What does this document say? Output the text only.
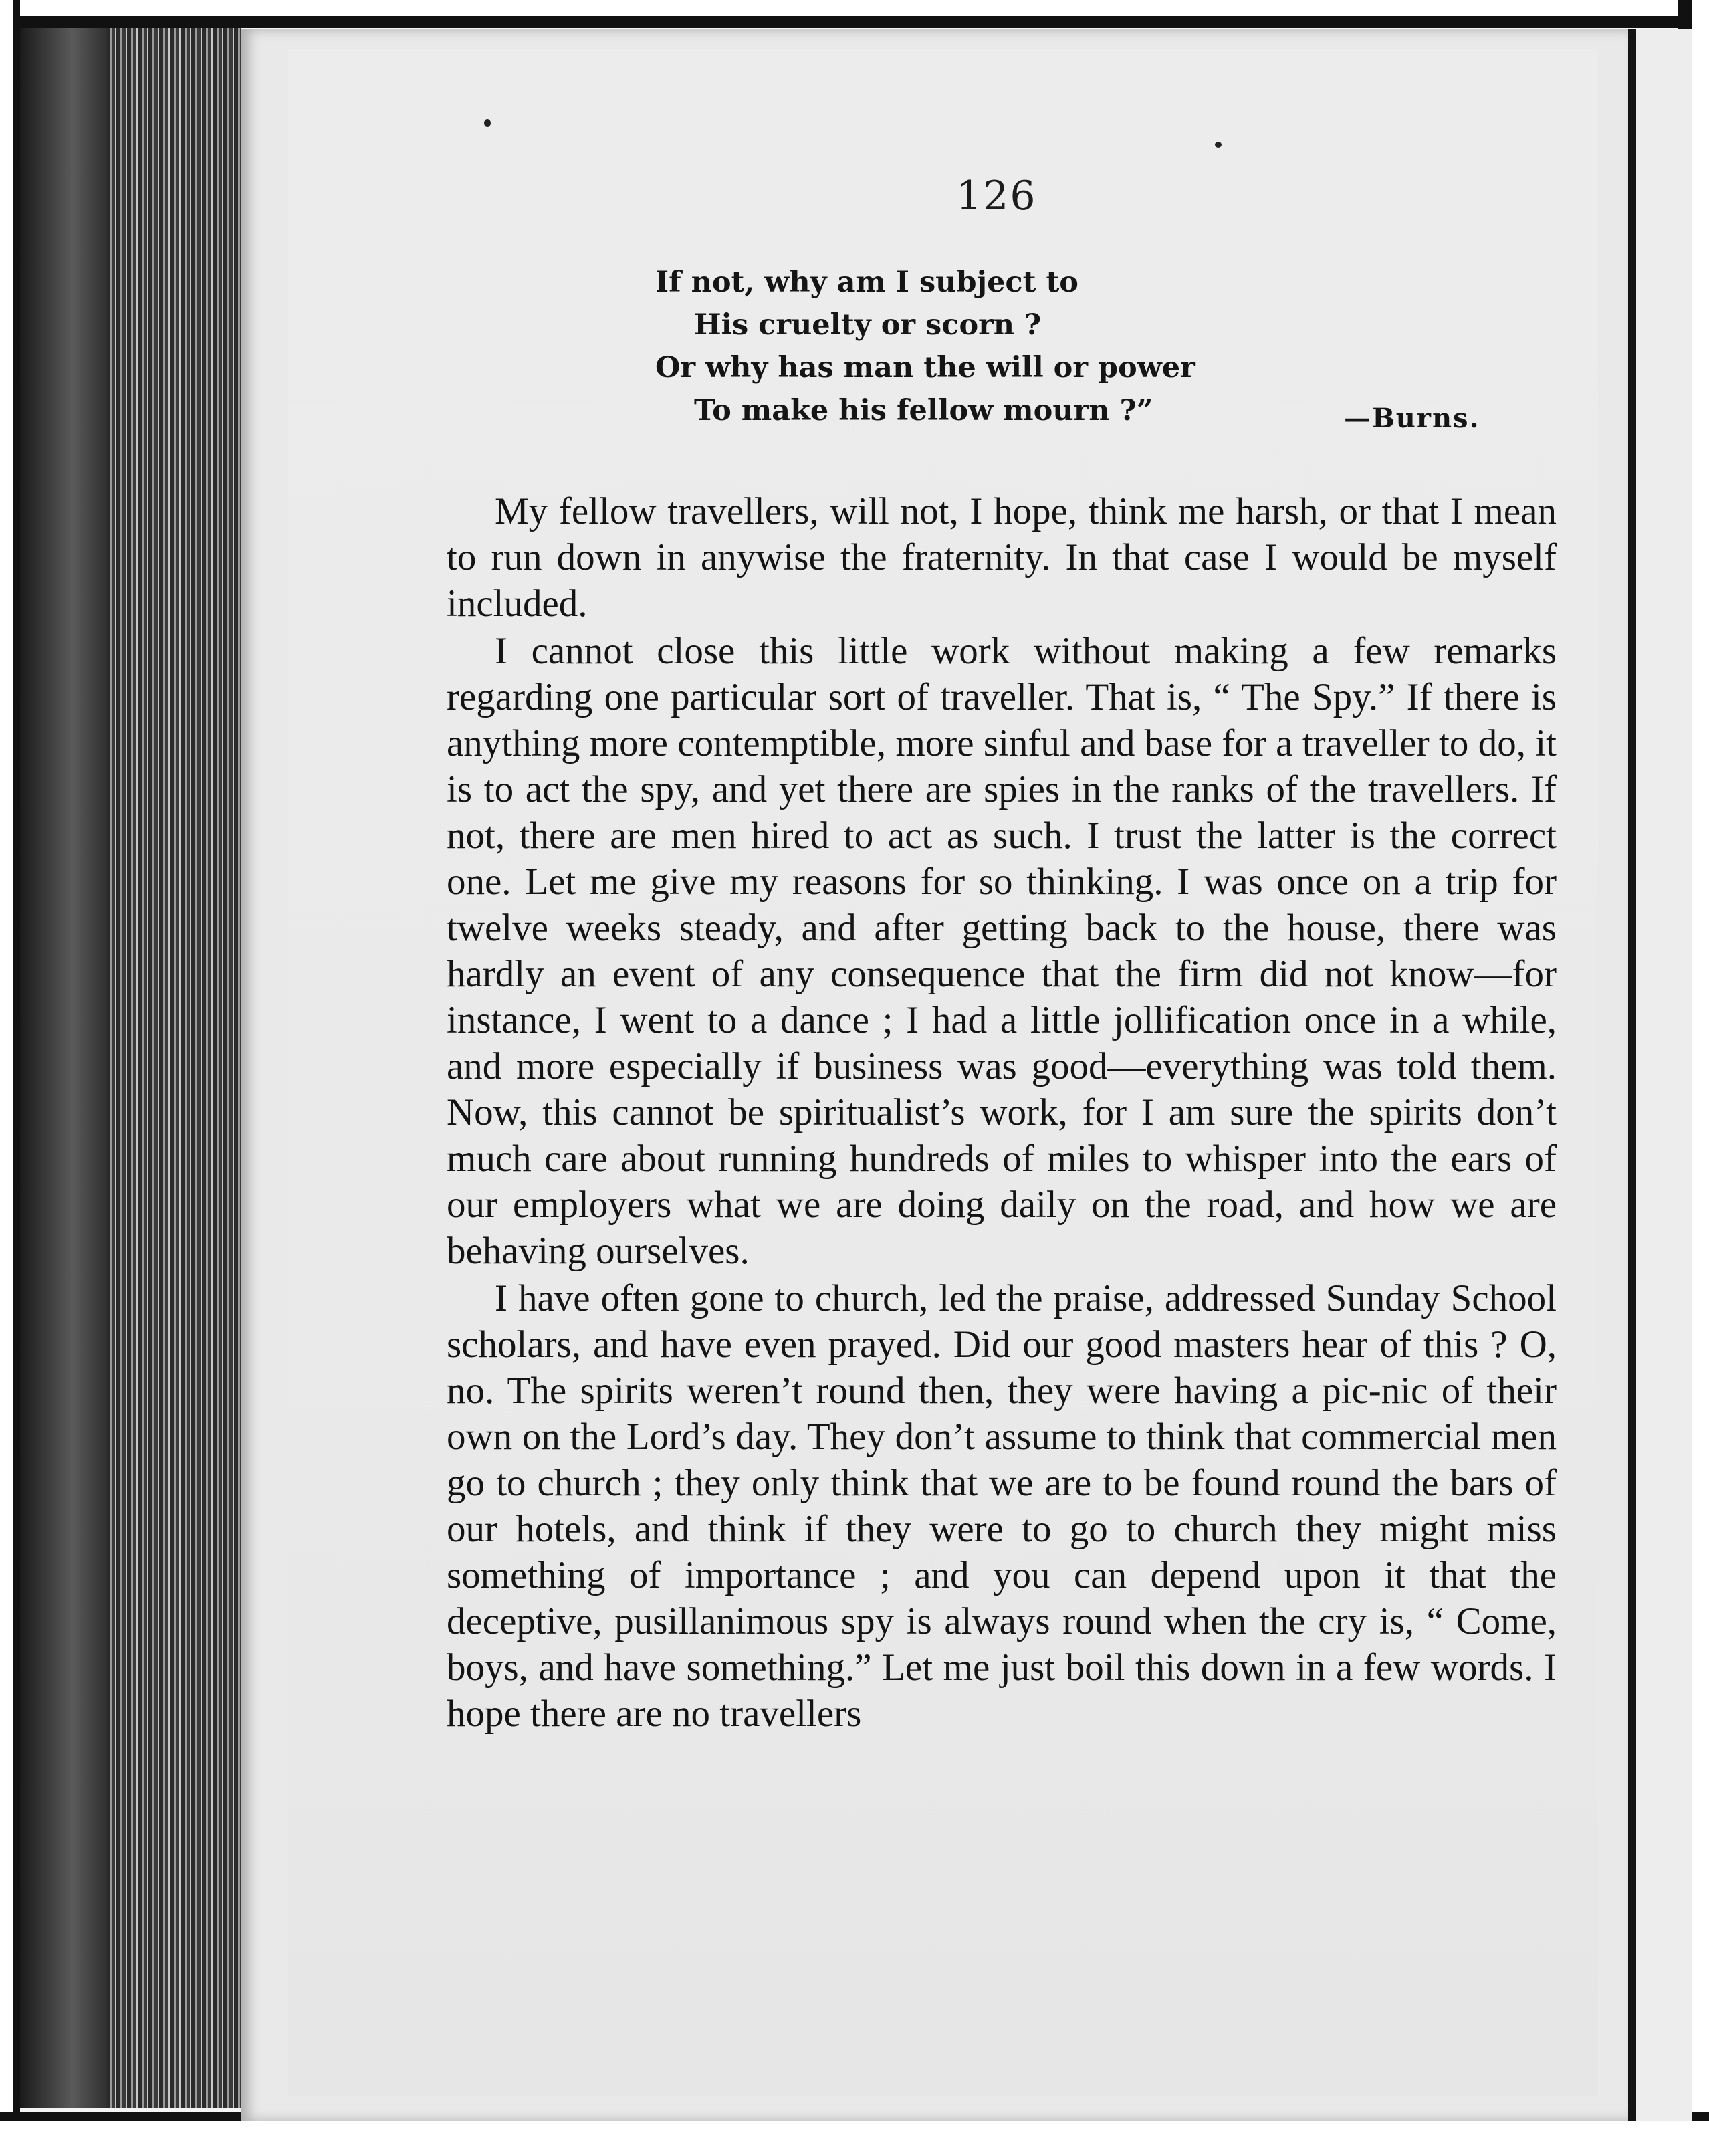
126
If not, why am I subject to
His cruelty or scorn ?
Or why has man the will or power
To make his fellow mourn ?”	—Burns.

My fellow travellers, will not, I hope, think me harsh, or that I mean to run down in anywise the fraternity. In that case I would be myself included.

I cannot close this little work without making a few remarks regarding one particular sort of traveller. That is, “ The Spy.” If there is anything more contemptible, more sinful and base for a traveller to do, it is to act the spy, and yet there are spies in the ranks of the travellers. If not, there are men hired to act as such. I trust the latter is the correct one. Let me give my reasons for so thinking. I was once on a trip for twelve weeks steady, and after getting back to the house, there was hardly an event of any consequence that the firm did not know—for instance, I went to a dance ; I had a little jollification once in a while, and more especially if business was good—everything was told them. Now, this cannot be spiritualist’s work, for I am sure the spirits don’t much care about running hundreds of miles to whisper into the ears of our employers what we are doing daily on the road, and how we are behaving ourselves.

I have often gone to church, led the praise, addressed Sunday School scholars, and have even prayed. Did our good masters hear of this ? O, no. The spirits weren’t round then, they were having a pic-nic of their own on the Lord’s day. They don’t assume to think that commercial men go to church ; they only think that we are to be found round the bars of our hotels, and think if they were to go to church they might miss something of importance ; and you can depend upon it that the deceptive, pusillanimous spy is always round when the cry is, “ Come, boys, and have something.” Let me just boil this down in a few words. I hope there are no travellers
